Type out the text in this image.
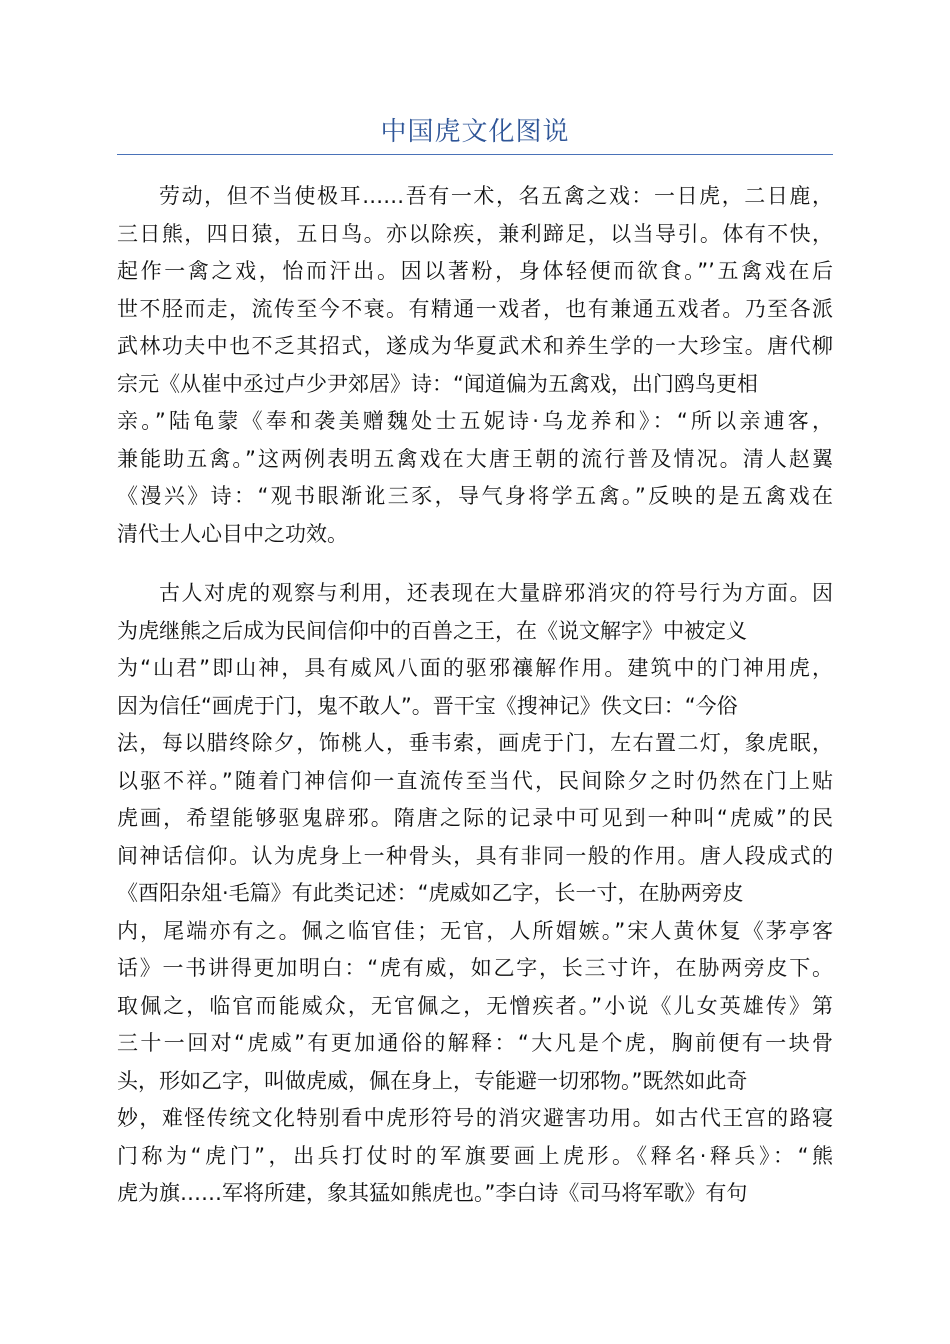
中国虎文化图说
劳动，但不当使极耳……吾有一术，名五禽之戏：一日虎，二日鹿，
三日熊，四日猿，五日鸟。亦以除疾，兼利蹄足，以当导引。体有不快，
起作一禽之戏，怡而汗出。因以著粉，身体轻便而欲食。”’五禽戏在后
世不胫而走，流传至今不衰。有精通一戏者，也有兼通五戏者。乃至各派
武林功夫中也不乏其招式，遂成为华夏武术和养生学的一大珍宝。唐代柳
宗元《从崔中丞过卢少尹郊居》诗：“闻道偏为五禽戏，出门鸥鸟更相
亲。”陆龟蒙《奉和袭美赠魏处士五妮诗·乌龙养和》：“所以亲逋客，
兼能助五禽。”这两例表明五禽戏在大唐王朝的流行普及情况。清人赵翼
《漫兴》诗：“观书眼渐讹三豕，导气身将学五禽。”反映的是五禽戏在
清代士人心目中之功效。
古人对虎的观察与利用，还表现在大量辟邪消灾的符号行为方面。因
为虎继熊之后成为民间信仰中的百兽之王，在《说文解字》中被定义
为“山君”即山神，具有威风八面的驱邪禳解作用。建筑中的门神用虎，
因为信任“画虎于门，鬼不敢人”。晋干宝《搜神记》佚文曰：“今俗
法，每以腊终除夕，饰桃人，垂韦索，画虎于门，左右置二灯，象虎眠，
以驱不祥。”随着门神信仰一直流传至当代，民间除夕之时仍然在门上贴
虎画，希望能够驱鬼辟邪。隋唐之际的记录中可见到一种叫“虎威”的民
间神话信仰。认为虎身上一种骨头，具有非同一般的作用。唐人段成式的
《酉阳杂俎·毛篇》有此类记述：“虎威如乙字，长一寸，在胁两旁皮
内，尾端亦有之。佩之临官佳；无官，人所媢嫉。”宋人黄休复《茅亭客
话》一书讲得更加明白：“虎有威，如乙字，长三寸许，在胁两旁皮下。
取佩之，临官而能威众，无官佩之，无憎疾者。”小说《儿女英雄传》第
三十一回对“虎威”有更加通俗的解释：“大凡是个虎，胸前便有一块骨
头，形如乙字，叫做虎威，佩在身上，专能避一切邪物。”既然如此奇
妙，难怪传统文化特别看中虎形符号的消灾避害功用。如古代王宫的路寝
门称为“虎门”，出兵打仗时的军旗要画上虎形。《释名·释兵》：“熊
虎为旗……军将所建，象其猛如熊虎也。”李白诗《司马将军歌》有句
